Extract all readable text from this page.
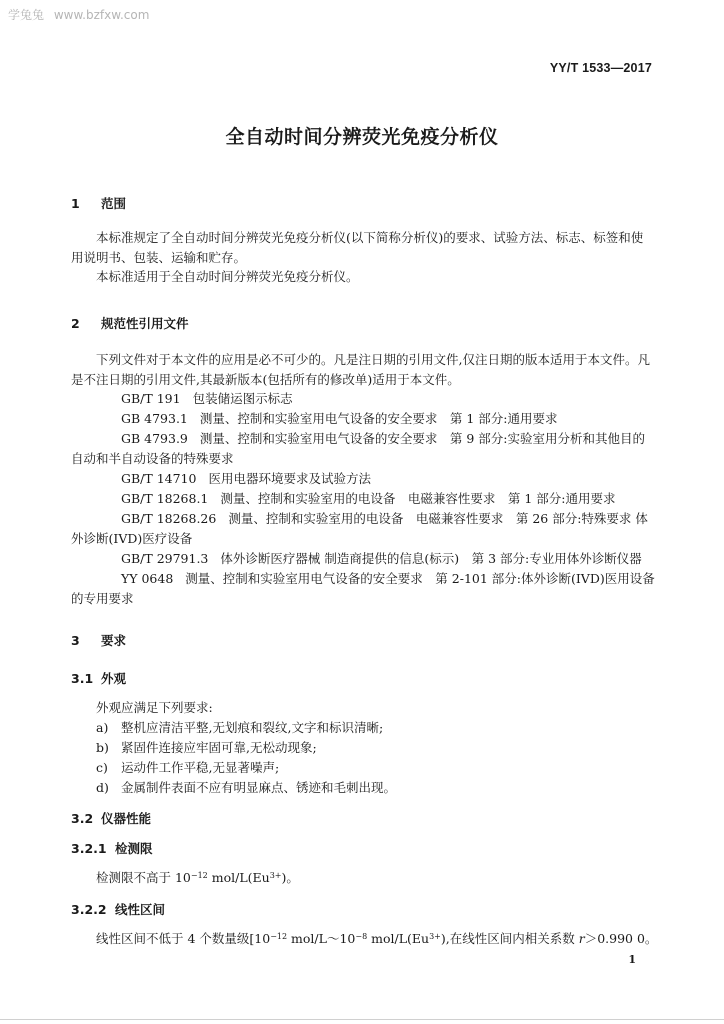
学兔兔 www.bzfxw.com
YY/T 1533—2017
全自动时间分辨荧光免疫分析仪
1 范围
本标准规定了全自动时间分辨荧光免疫分析仪(以下简称分析仪)的要求、试验方法、标志、标签和使用说明书、包装、运输和贮存。
本标准适用于全自动时间分辨荧光免疫分析仪。
2 规范性引用文件
下列文件对于本文件的应用是必不可少的。凡是注日期的引用文件,仅注日期的版本适用于本文件。凡是不注日期的引用文件,其最新版本(包括所有的修改单)适用于本文件。
GB/T 191 包装储运图示标志
GB 4793.1 测量、控制和实验室用电气设备的安全要求　第 1 部分:通用要求
GB 4793.9 测量、控制和实验室用电气设备的安全要求　第 9 部分:实验室用分析和其他目的自动和半自动设备的特殊要求
GB/T 14710 医用电器环境要求及试验方法
GB/T 18268.1 测量、控制和实验室用的电设备　电磁兼容性要求　第 1 部分:通用要求
GB/T 18268.26 测量、控制和实验室用的电设备　电磁兼容性要求　第 26 部分:特殊要求 体外诊断(IVD)医疗设备
GB/T 29791.3 体外诊断医疗器械 制造商提供的信息(标示)　第 3 部分:专业用体外诊断仪器
YY 0648 测量、控制和实验室用电气设备的安全要求　第 2-101 部分:体外诊断(IVD)医用设备的专用要求
3 要求
3.1 外观
外观应满足下列要求:
a) 整机应清洁平整,无划痕和裂纹,文字和标识清晰;
b) 紧固件连接应牢固可靠,无松动现象;
c) 运动件工作平稳,无显著噪声;
d) 金属制件表面不应有明显麻点、锈迹和毛刺出现。
3.2 仪器性能
3.2.1 检测限
检测限不高于 $10^{-12}$ mol/$L(Eu^{3+})$。
3.2.2 线性区间
线性区间不低于 4 个数量级[$10^{-12}$ mol/$L\sim 10^{-8}$ mol/$L(Eu^{3+})$,在线性区间内相关系数 r＞0.990 0。
1
